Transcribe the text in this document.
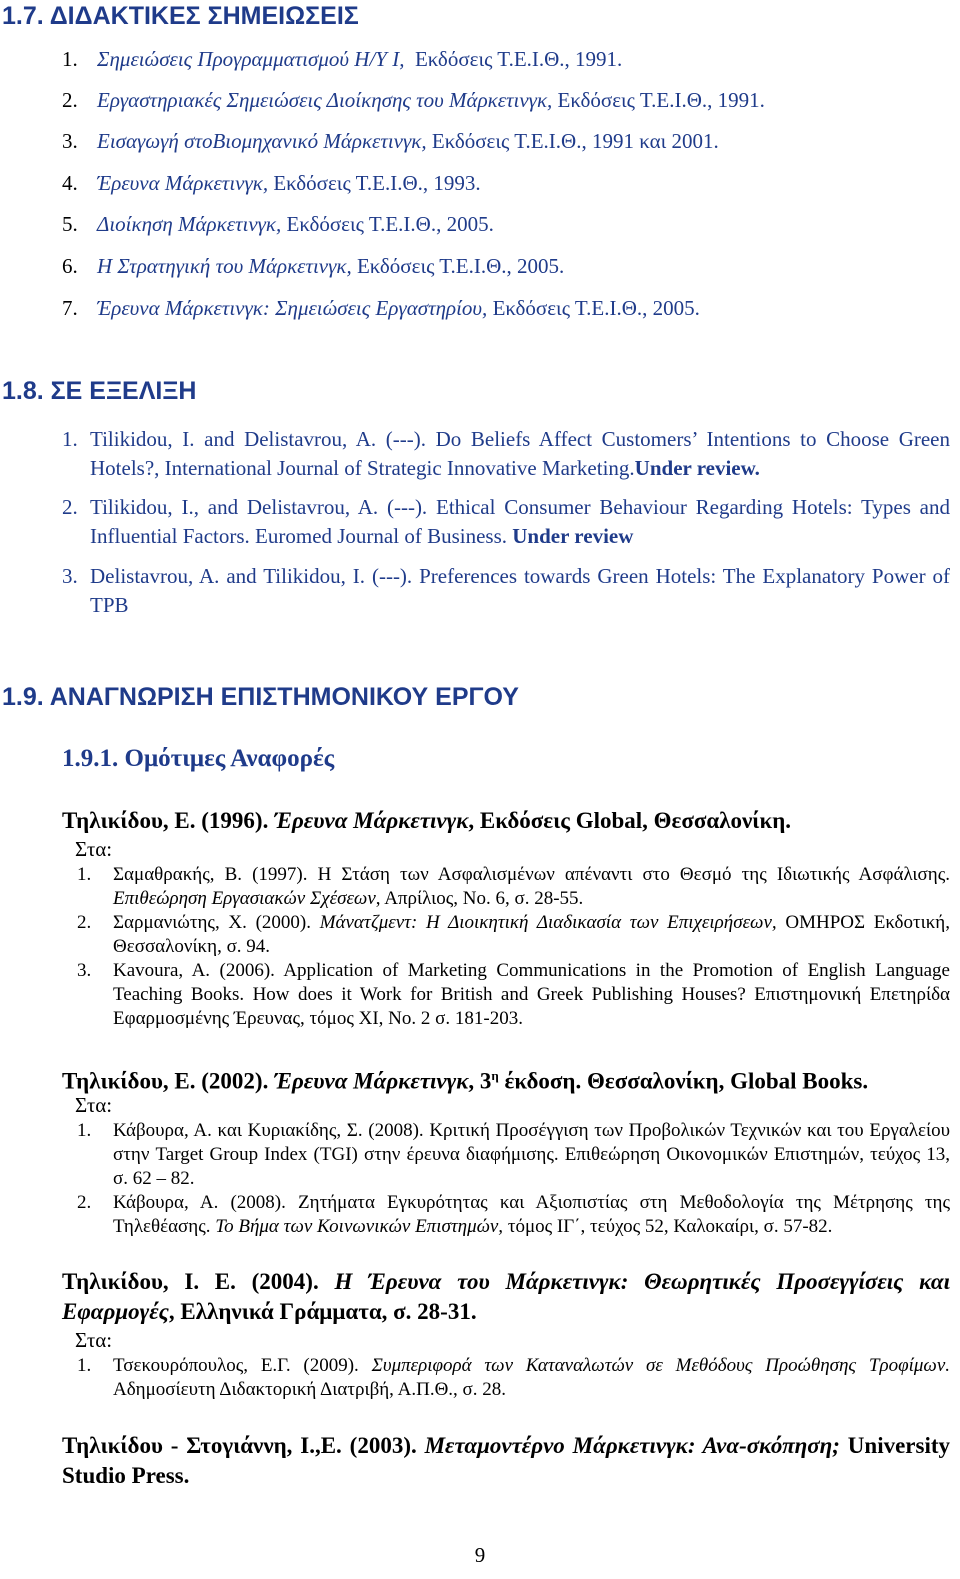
1.7. ΔΙΔΑΚΤΙΚΕΣ ΣΗΜΕΙΩΣΕΙΣ
1. Σημειώσεις Προγραμματισμού Η/Υ Ι, Εκδόσεις Τ.Ε.Ι.Θ., 1991.
2. Εργαστηριακές Σημειώσεις Διοίκησης του Μάρκετινγκ, Εκδόσεις Τ.Ε.Ι.Θ., 1991.
3. Εισαγωγή στοΒιομηχανικό Μάρκετινγκ, Εκδόσεις Τ.Ε.Ι.Θ., 1991 και 2001.
4. Έρευνα Μάρκετινγκ, Εκδόσεις Τ.Ε.Ι.Θ., 1993.
5. Διοίκηση Μάρκετινγκ, Εκδόσεις Τ.Ε.Ι.Θ., 2005.
6. Η Στρατηγική του Μάρκετινγκ, Εκδόσεις Τ.Ε.Ι.Θ., 2005.
7. Έρευνα Μάρκετινγκ: Σημειώσεις Εργαστηρίου, Εκδόσεις Τ.Ε.Ι.Θ., 2005.
1.8. ΣΕ ΕΞΕΛΙΞΗ
1. Tilikidou, I. and Delistavrou, A. (---). Do Beliefs Affect Customers’ Intentions to Choose Green Hotels?, International Journal of Strategic Innovative Marketing.Under review.
2. Tilikidou, I., and Delistavrou, A. (---). Ethical Consumer Behaviour Regarding Hotels: Types and Influential Factors. Euromed Journal of Business. Under review
3. Delistavrou, A. and Tilikidou, I. (---). Preferences towards Green Hotels: The Explanatory Power of TPB
1.9. ΑΝΑΓΝΩΡΙΣΗ ΕΠΙΣΤΗΜΟΝΙΚΟΥ ΕΡΓΟΥ
1.9.1. Ομότιμες Αναφορές
Τηλικίδου, Ε. (1996). Έρευνα Μάρκετινγκ, Εκδόσεις Global, Θεσσαλονίκη.
Στα:
1. Σαμαθρακής, Β. (1997). Η Στάση των Ασφαλισμένων απέναντι στο Θεσμό της Ιδιωτικής Ασφάλισης. Επιθεώρηση Εργασιακών Σχέσεων, Απρίλιος, No. 6, σ. 28-55.
2. Σαρμανιώτης, Χ. (2000). Μάνατζμεντ: Η Διοικητική Διαδικασία των Επιχειρήσεων, ΟΜΗΡΟΣ Εκδοτική, Θεσσαλονίκη, σ. 94.
3. Kavoura, A. (2006). Application of Marketing Communications in the Promotion of English Language Teaching Books. How does it Work for British and Greek Publishing Houses? Επιστημονική Επετηρίδα Εφαρμοσμένης Έρευνας, τόμος ΧΙ, No. 2 σ. 181-203.
Τηλικίδου, Ε. (2002). Έρευνα Μάρκετινγκ, $3^\eta$ έκδοση. Θεσσαλονίκη, Global Books.
Στα:
1. Κάβουρα, Α. και Κυριακίδης, Σ. (2008). Κριτική Προσέγγιση των Προβολικών Τεχνικών και του Εργαλείου στην Target Group Index (TGI) στην έρευνα διαφήμισης. Επιθεώρηση Οικονομικών Επιστημών, τεύχος 13, σ. 62 – 82.
2. Κάβουρα, Α. (2008). Ζητήματα Εγκυρότητας και Αξιοπιστίας στη Μεθοδολογία της Μέτρησης της Τηλεθέασης. Το Βήμα των Κοινωνικών Επιστημών, τόμος ΙΓ΄, τεύχος 52, Καλοκαίρι, σ. 57-82.
Τηλικίδου, Ι. Ε. (2004). Η Έρευνα του Μάρκετινγκ: Θεωρητικές Προσεγγίσεις και Εφαρμογές, Ελληνικά Γράμματα, σ. 28-31.
Στα:
1. Τσεκουρόπουλος, Ε.Γ. (2009). Συμπεριφορά των Καταναλωτών σε Μεθόδους Προώθησης Τροφίμων. Αδημοσίευτη Διδακτορική Διατριβή, Α.Π.Θ., σ. 28.
Τηλικίδου - Στογιάννη, Ι.,Ε. (2003). Μεταμοντέρνο Μάρκετινγκ: Ανα-σκόπηση; University Studio Press.
9
